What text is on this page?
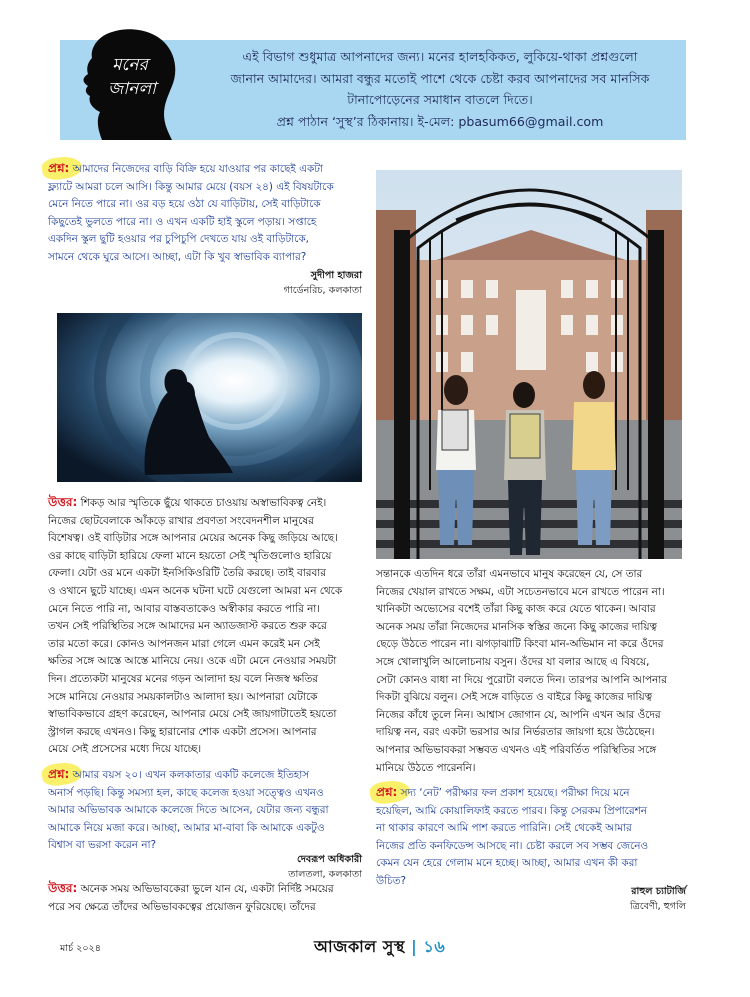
মনের
জানলা

এই বিভাগ শুধুমাত্র আপনাদের জন্য। মনের হালহকিকত, লুকিয়ে-থাকা প্রশ্নগুলো

জানান আমাদের। আমরা বন্ধুর মতোই পাশে থেকে চেষ্টা করব আপনাদের সব মানসিক

টানাপোড়েনের সমাধান বাতলে দিতে।

প্রশ্ন পাঠান ‘সুস্থ’র ঠিকানায়। ই-মেল: pbasum66@gmail.com

প্রশ্ন: আমাদের নিজেদের বাড়ি বিক্রি হয়ে যাওয়ার পর কাছেই একটা

ফ্ল্যাটে আমরা চলে আসি। কিন্তু আমার মেয়ে (বয়স ২৪) এই বিষয়টাকে

মেনে নিতে পারে না। ওর বড় হয়ে ওঠা যে বাড়িটায়, সেই বাড়িটাকে

কিছুতেই ভুলতে পারে না। ও এখন একটি হাই স্কুলে পড়ায়। সপ্তাহে

একদিন স্কুল ছুটি হওয়ার পর চুপিচুপি দেখতে যায় ওই বাড়িটাকে,

সামনে থেকে ঘুরে আসে। আচ্ছা, এটা কি খুব স্বাভাবিক ব্যাপার?

সুদীপা হাজরা
গার্ডেনরিচ, কলকাতা

উত্তর: শিকড় আর স্মৃতিকে ছুঁয়ে থাকতে চাওয়ায় অস্বাভাবিকত্ব নেই।

নিজের ছোটবেলাকে আঁকড়ে রাখার প্রবণতা সংবেদনশীল মানুষের

বিশেষত্ব। ওই বাড়িটার সঙ্গে আপনার মেয়ের অনেক কিছু জড়িয়ে আছে।

ওর কাছে বাড়িটা হারিয়ে ফেলা মানে হয়তো সেই স্মৃতিগুলোও হারিয়ে

ফেলা। যেটা ওর মনে একটা ইনসিকিওরিটি তৈরি করছে। তাই বারবার

ও ওখানে ছুটে যাচ্ছে। এমন অনেক ঘটনা ঘটে যেগুলো আমরা মন থেকে

মেনে নিতে পারি না, আবার বাস্তবতাকেও অস্বীকার করতে পারি না।

তখন সেই পরিস্থিতির সঙ্গে আমাদের মন অ্যাডজাস্ট করতে শুরু করে

তার মতো করে। কোনও আপনজন মারা গেলে এমন করেই মন সেই

ক্ষতির সঙ্গে আস্তে আস্তে মানিয়ে নেয়। ওকে এটা মেনে নেওয়ার সময়টা

দিন। প্রত্যেকটা মানুষের মনের গড়ন আলাদা হয় বলে নিজস্ব ক্ষতির

সঙ্গে মানিয়ে নেওয়ার সময়কালটাও আলাদা হয়। আপনারা যেটাকে

স্বাভাবিকভাবে গ্রহণ করেছেন, আপনার মেয়ে সেই জায়গাটাতেই হয়তো

স্ট্রাগল করছে এখনও। কিছু হারানোর শোক একটা প্রসেস। আপনার

মেয়ে সেই প্রসেসের মধ্যে দিয়ে যাচ্ছে।

প্রশ্ন: আমার বয়স ২০। এখন কলকাতার একটি কলেজে ইতিহাস

অনার্স পড়ছি। কিন্তু সমস্যা হল, কাছে কলেজ হওয়া সত্ত্বেও এখনও

আমার অভিভাবক আমাকে কলেজে দিতে আসেন, যেটার জন্য বন্ধুরা

আমাকে নিয়ে মজা করে। আচ্ছা, আমার মা-বাবা কি আমাকে একটুও

বিশ্বাস বা ভরসা করেন না?

দেবরূপ অধিকারী
তালতলা, কলকাতা

উত্তর: অনেক সময় অভিভাবকেরা ভুলে যান যে, একটা নির্দিষ্ট সময়ের

পরে সব ক্ষেত্রে তাঁদের অভিভাবকত্বের প্রয়োজন ফুরিয়েছে। তাঁদের

সন্তানকে এতদিন ধরে তাঁরা এমনভাবে মানুষ করেছেন যে, সে তার

নিজের খেয়াল রাখতে সক্ষম, এটা সচেতনভাবে মনে রাখতে পারেন না।

খানিকটা অভ্যেসের বশেই তাঁরা কিছু কাজ করে যেতে থাকেন। আবার

অনেক সময় তাঁরা নিজেদের মানসিক স্বস্তির জন্যে কিছু কাজের দায়িত্ব

ছেড়ে উঠতে পারেন না। ঝগড়াঝাটি কিংবা মান-অভিমান না করে ওঁদের

সঙ্গে খোলাখুলি আলোচনায় বসুন। ওঁদের যা বলার আছে এ বিষয়ে,

সেটা কোনও বাধা না দিয়ে পুরোটা বলতে দিন। তারপর আপনি আপনার

দিকটা বুঝিয়ে বলুন। সেই সঙ্গে বাড়িতে ও বাইরে কিছু কাজের দায়িত্ব

নিজের কাঁধে তুলে নিন। আশ্বাস জোগান যে, আপনি এখন আর ওঁদের

দায়িত্ব নন, বরং একটা ভরসার আর নির্ভরতার জায়গা হয়ে উঠেছেন।

আপনার অভিভাবকরা সম্ভবত এখনও এই পরিবর্তিত পরিস্থিতির সঙ্গে

মানিয়ে উঠতে পারেননি।

প্রশ্ন: সদ্য ‘নেট’ পরীক্ষার ফল প্রকাশ হয়েছে। পরীক্ষা দিয়ে মনে

হয়েছিল, আমি কোয়ালিফাই করতে পারব। কিন্তু সেরকম প্রিপারেশন

না থাকার কারণে আমি পাশ করতে পারিনি। সেই থেকেই আমার

নিজের প্রতি কনফিডেন্স আসছে না। চেষ্টা করলে সব সম্ভব জেনেও

কেমন যেন হেরে গেলাম মনে হচ্ছে। আচ্ছা, আমার এখন কী করা

উচিত?

রাহুল চ্যাটার্জি
ত্রিবেণী, হুগলি
মার্চ ২০২৪	আজকাল সুস্থ | ১৬
